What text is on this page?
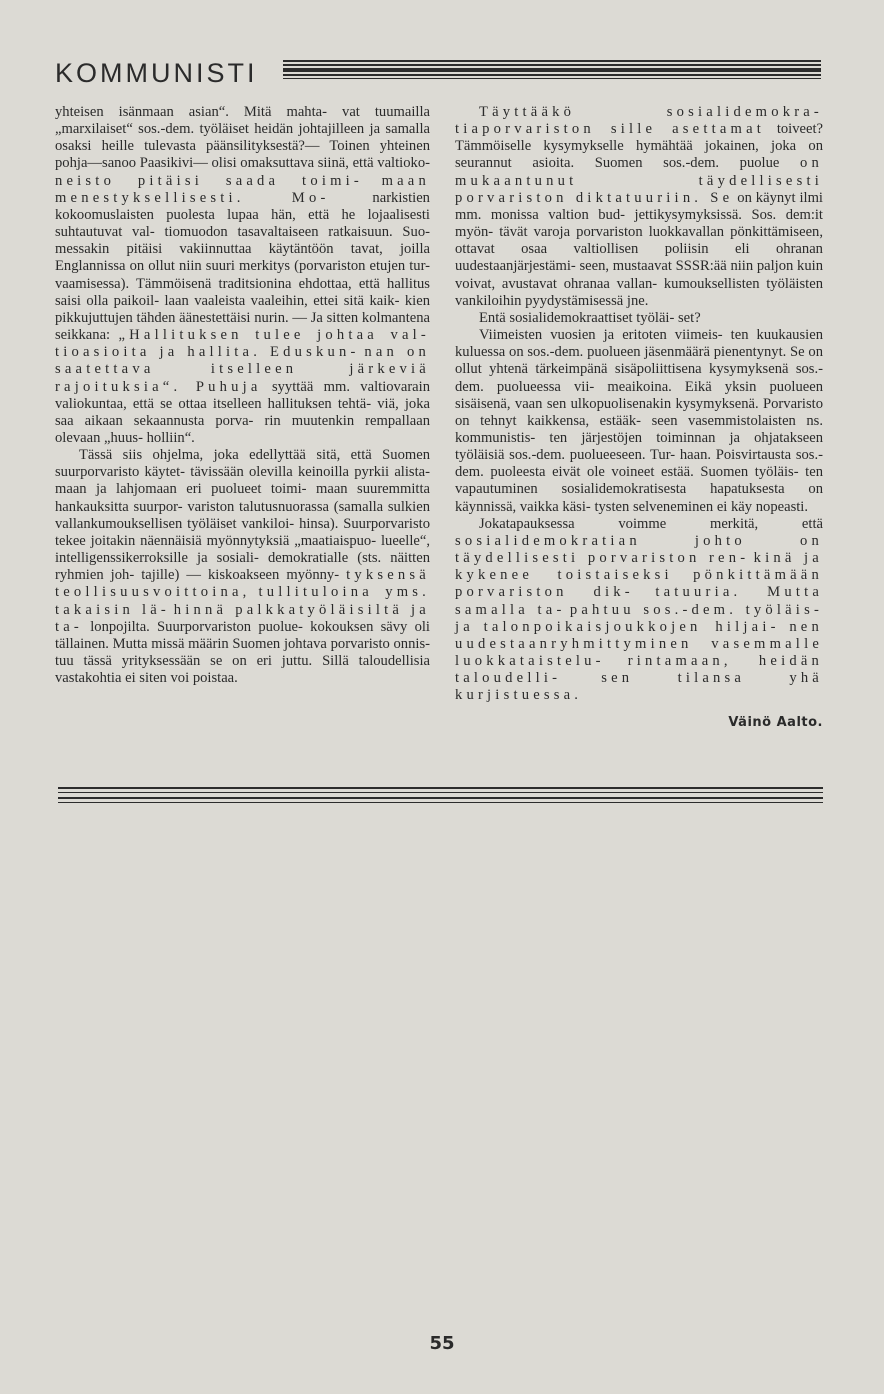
KOMMUNISTI

yhteisen isänmaan asian“. Mitä mahta- vat tuumailla „marxilaiset“ sos.-dem. työläiset heidän johtajilleen ja samalla osaksi heille tulevasta päänsilityksestä?— Toinen yhteinen pohja—sanoo Paasikivi— olisi omaksuttava siinä, että valtioko- neisto pitäisi saada toimi- maan menestyksellisesti. Mo-	narkistien kokoomuslaisten puolesta lupaa hän, että he lojaalisesti suhtautuvat val- tiomuodon tasavaltaiseen ratkaisuun. Suo- messakin pitäisi vakiinnuttaa käytäntöön tavat, joilla Englannissa on ollut niin suuri merkitys (porvariston etujen tur- vaamisessa). Tämmöisenä traditsionina ehdottaa, että hallitus saisi olla paikoil- laan vaaleista vaaleihin, ettei sitä kaik- kien pikkujuttujen tähden äänestettäisi nurin. — Ja sitten kolmantena seikkana: „Hallituksen tulee johtaa val- tioasioita ja hallita. Eduskun- nan on saatettava itselleen	järkeviä rajoituksia“. Puhuja syyttää mm. valtiovarain valiokuntaa, että se ottaa itselleen hallituksen tehtä- viä, joka saa aikaan sekaannusta porva- rin muutenkin rempallaan olevaan „huus- holliin“.

Tässä siis ohjelma, joka edellyttää sitä, että Suomen suurporvaristo käytet- tävissään olevilla keinoilla pyrkii alista- maan ja lahjomaan eri puolueet toimi- maan suuremmitta hankauksitta suurpor- variston talutusnuorassa (samalla sulkien vallankumouksellisen työläiset vankiloi- hinsa). Suurporvaristo tekee joitakin näennäisiä myönnytyksiä „maatiaispuo- lueelle“, intelligenssikerroksille ja sosiali- demokratialle (sts. näitten ryhmien joh- tajille) — kiskoakseen myönny- tyksensä teollisuusvoittoina, tullituloina yms. takaisin lä- hinnä palkkatyöläisiltä ja ta- lonpojilta. Suurporvariston puolue- kokouksen sävy oli tällainen. Mutta missä määrin Suomen johtava porvaristo onnis- tuu tässä yrityksessään se on eri juttu. Sillä taloudellisia vastakohtia ei siten voi poistaa.

Täyttääkö sosialidemokra- tiaporvariston sille asettamat toiveet? Tämmöiselle kysymykselle hymähtää jokainen, joka on seurannut asioita. Suomen sos.-dem. puolue on mukaantunut täydellisesti porvariston diktatuuriin. Se on käynyt ilmi mm. monissa valtion bud- jettikysymyksissä. Sos. dem:it myön- tävät varoja porvariston luokkavallan pönkittämiseen, ottavat osaa valtiollisen poliisin eli ohranan uudestaanjärjestämi- seen, mustaavat SSSR:ää niin paljon kuin voivat, avustavat ohranaa vallan- kumouksellisten työläisten vankiloihin pyydystämisessä jne.

Entä sosialidemokraattiset työläi- set?

Viimeisten vuosien ja eritoten viimeis- ten kuukausien kuluessa on sos.-dem. puolueen jäsenmäärä pienentynyt. Se on ollut yhtenä tärkeimpänä sisäpoliittisena kysymyksenä sos.-dem. puolueessa vii- meaikoina. Eikä yksin puolueen sisäisenä, vaan sen ulkopuolisenakin kysymyksenä. Porvaristo on tehnyt kaikkensa, estääk- seen vasemmistolaisten ns. kommunistis- ten järjestöjen toiminnan ja ohjatakseen työläisiä sos.-dem. puolueeseen. Tur- haan. Poisvirtausta sos.-dem. puoleesta eivät ole voineet estää. Suomen työläis- ten vapautuminen sosialidemokratisesta hapatuksesta on käynnissä, vaikka käsi- tysten selveneminen ei käy nopeasti.

Jokatapauksessa voimme merkitä, että sosialidemokratian johto on täydellisesti porvariston ren- kinä ja kykenee toistaiseksi pönkittämään porvariston dik- tatuuria. Mutta samalla ta- pahtuu sos.-dem. työläis- ja talonpoikaisjoukkojen hiljai- nen uudestaanryhmittyminen vasemmalle luokkataistelu- rintamaan, heidän taloudelli-	sen tilansa yhä kurjistuessa.

Väinö Aalto.
55
